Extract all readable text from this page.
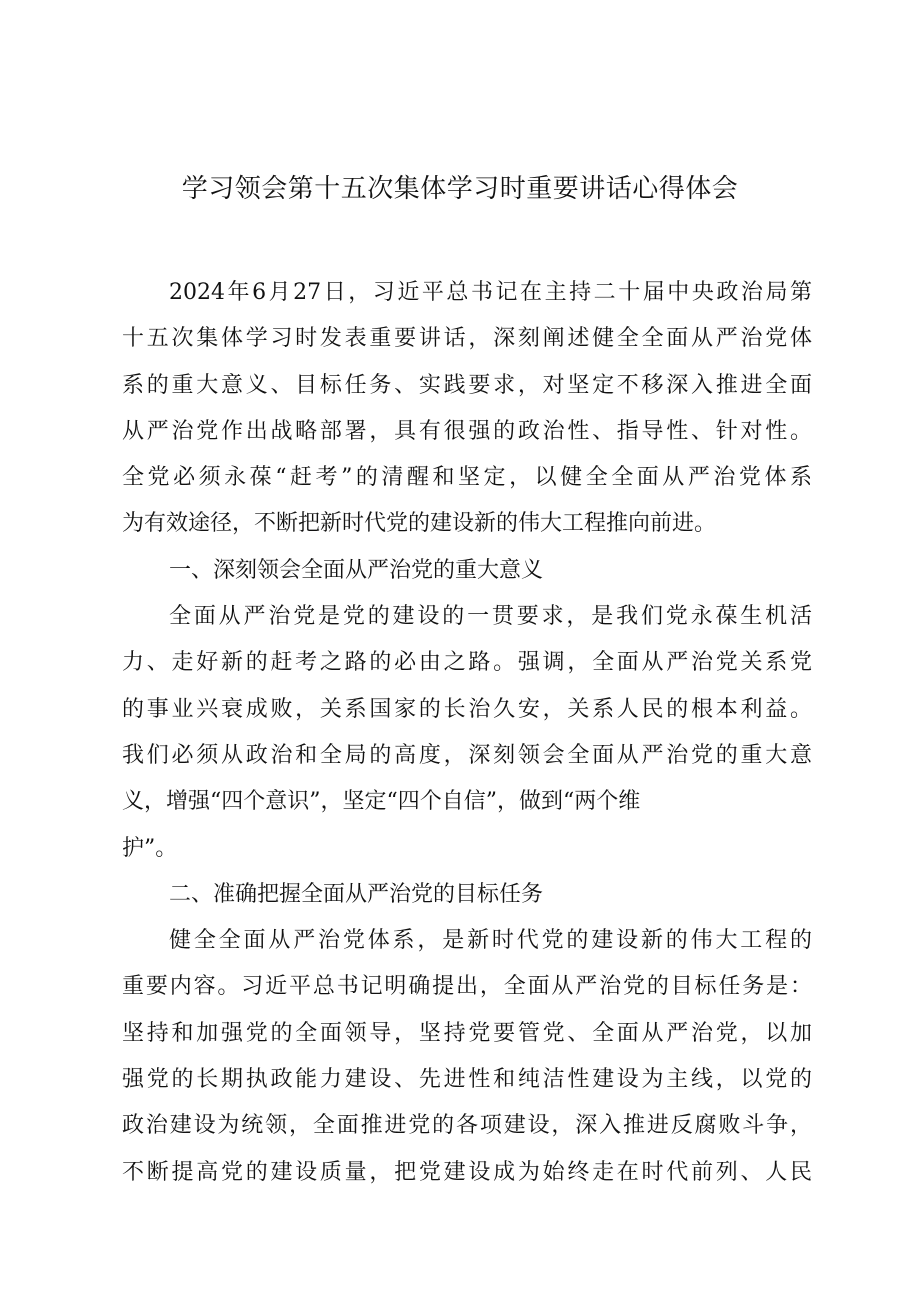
学习领会第十五次集体学习时重要讲话心得体会
2024年6月27日，习近平总书记在主持二十届中央政治局第
十五次集体学习时发表重要讲话，深刻阐述健全全面从严治党体
系的重大意义、目标任务、实践要求，对坚定不移深入推进全面
从严治党作出战略部署，具有很强的政治性、指导性、针对性。
全党必须永葆“赶考”的清醒和坚定，以健全全面从严治党体系
为有效途径，不断把新时代党的建设新的伟大工程推向前进。
一、深刻领会全面从严治党的重大意义
全面从严治党是党的建设的一贯要求，是我们党永葆生机活
力、走好新的赶考之路的必由之路。强调，全面从严治党关系党
的事业兴衰成败，关系国家的长治久安，关系人民的根本利益。
我们必须从政治和全局的高度，深刻领会全面从严治党的重大意
义，增强“四个意识”，坚定“四个自信”，做到“两个维
护”。
二、准确把握全面从严治党的目标任务
健全全面从严治党体系，是新时代党的建设新的伟大工程的
重要内容。习近平总书记明确提出，全面从严治党的目标任务是：
坚持和加强党的全面领导，坚持党要管党、全面从严治党，以加
强党的长期执政能力建设、先进性和纯洁性建设为主线，以党的
政治建设为统领，全面推进党的各项建设，深入推进反腐败斗争，
不断提高党的建设质量，把党建设成为始终走在时代前列、人民
